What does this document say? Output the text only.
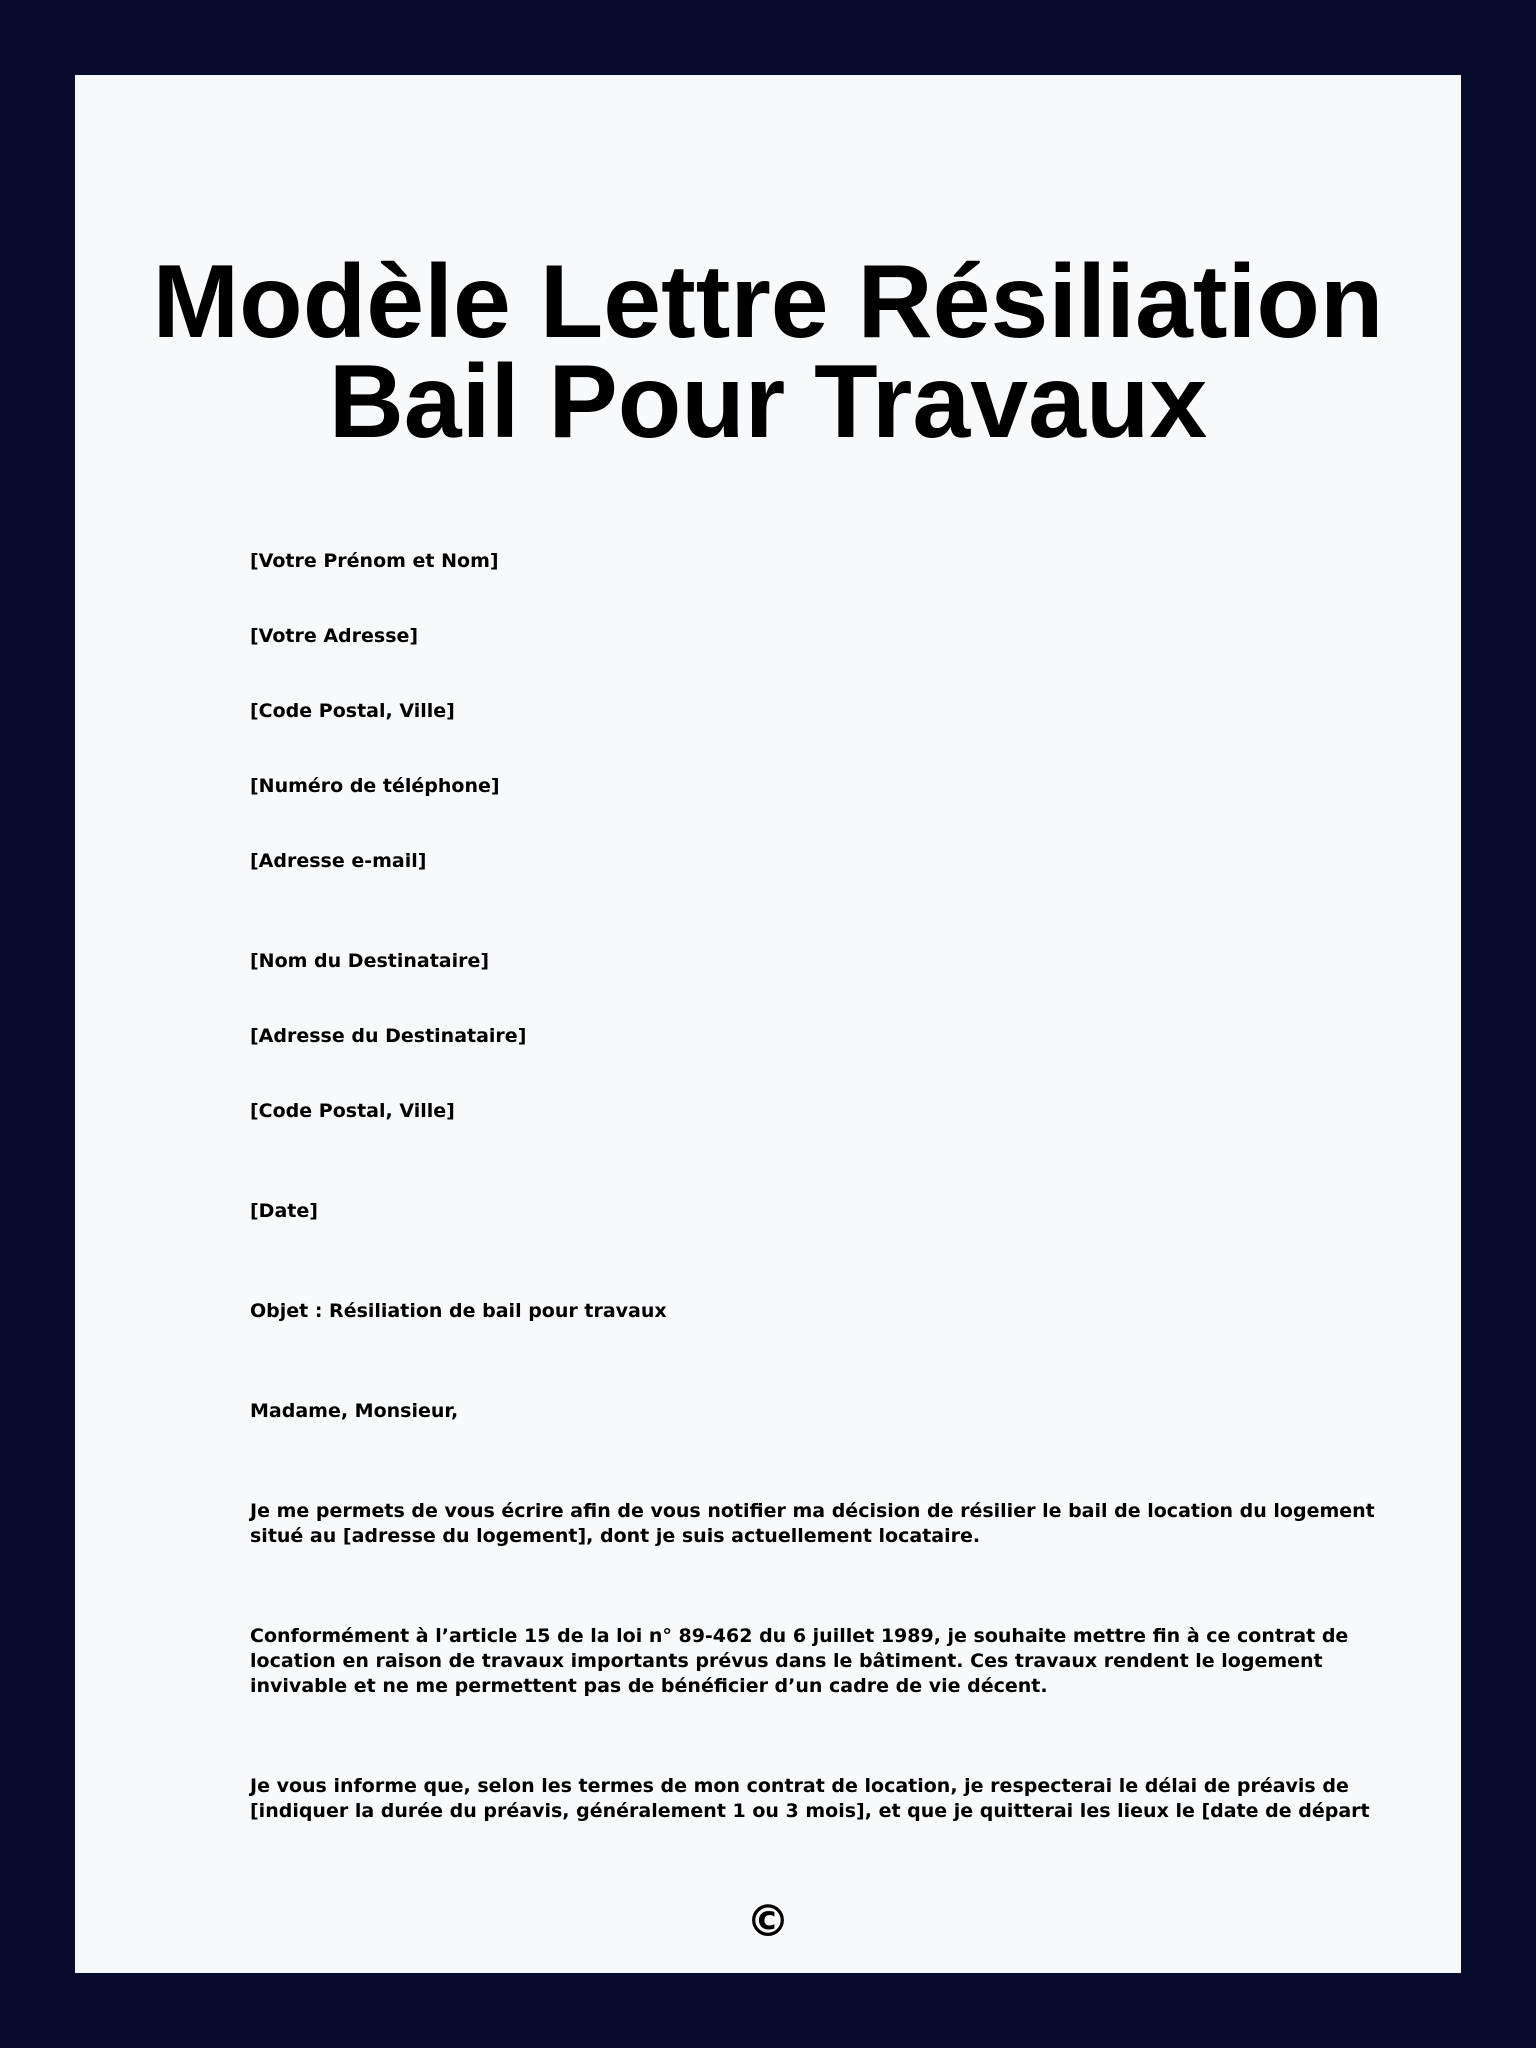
Modèle Lettre Résiliation Bail Pour Travaux

[Votre Prénom et Nom]

[Votre Adresse]

[Code Postal, Ville]

[Numéro de téléphone]

[Adresse e-mail]

[Nom du Destinataire]

[Adresse du Destinataire]

[Code Postal, Ville]

[Date]

Objet : Résiliation de bail pour travaux

Madame, Monsieur,

Je me permets de vous écrire afin de vous notifier ma décision de résilier le bail de location du logement
situé au [adresse du logement], dont je suis actuellement locataire.
Conformément à l’article 15 de la loi n° 89-462 du 6 juillet 1989, je souhaite mettre fin à ce contrat de
location en raison de travaux importants prévus dans le bâtiment. Ces travaux rendent le logement
invivable et ne me permettent pas de bénéficier d’un cadre de vie décent.
Je vous informe que, selon les termes de mon contrat de location, je respecterai le délai de préavis de
[indiquer la durée du préavis, généralement 1 ou 3 mois], et que je quitterai les lieux le [date de départ
©
